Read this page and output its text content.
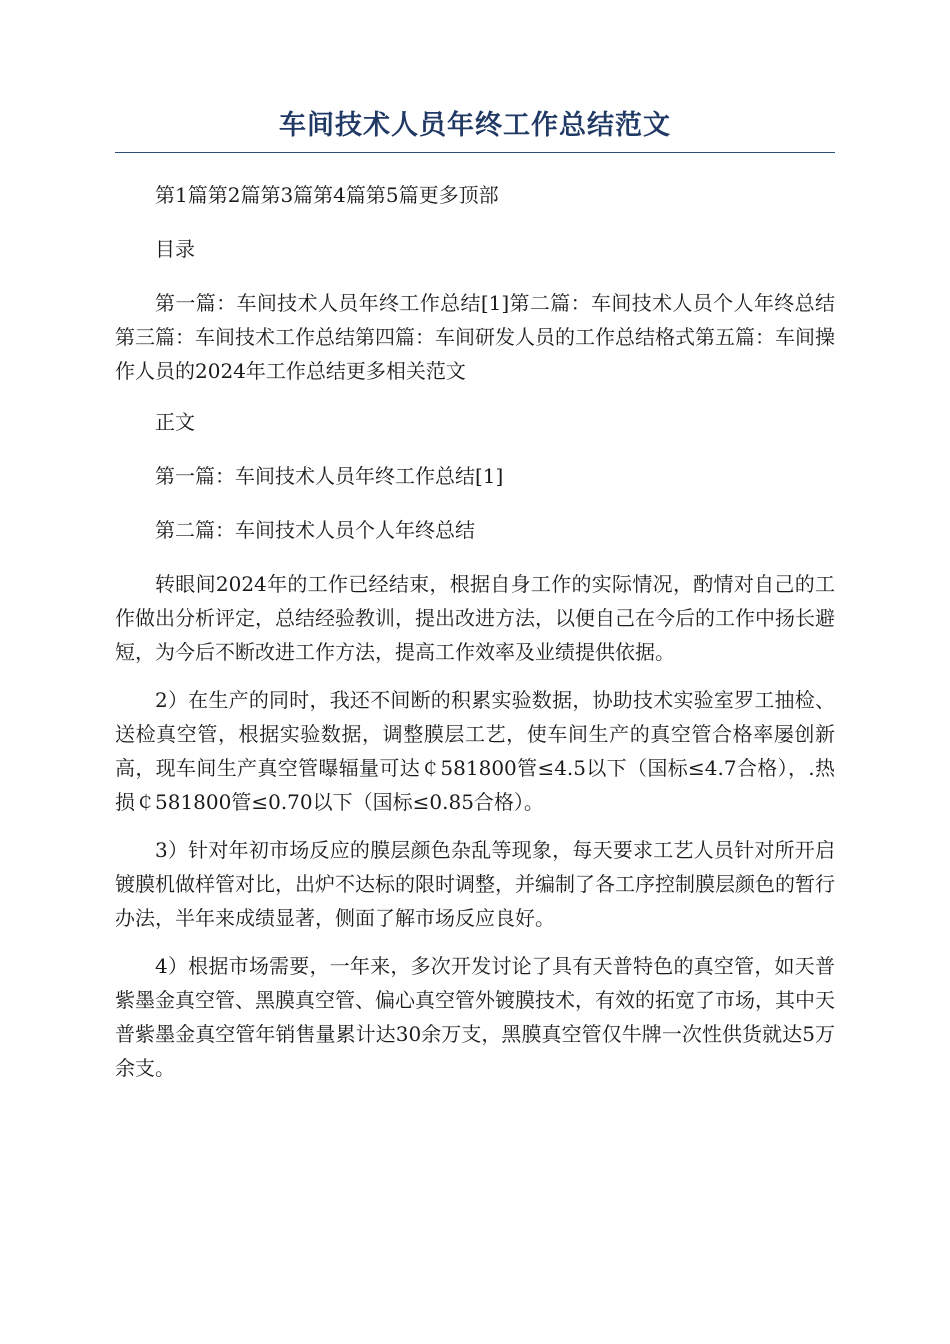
车间技术人员年终工作总结范文

第1篇第2篇第3篇第4篇第5篇更多顶部

目录

第一篇：车间技术人员年终工作总结[1]第二篇：车间技术人员个人年终总结第三篇：车间技术工作总结第四篇：车间研发人员的工作总结格式第五篇：车间操作人员的2024年工作总结更多相关范文

正文

第一篇：车间技术人员年终工作总结[1]

第二篇：车间技术人员个人年终总结

转眼间2024年的工作已经结束，根据自身工作的实际情况，酌情对自己的工作做出分析评定，总结经验教训，提出改进方法，以便自己在今后的工作中扬长避短，为今后不断改进工作方法，提高工作效率及业绩提供依据。

2）在生产的同时，我还不间断的积累实验数据，协助技术实验室罗工抽检、送检真空管，根据实验数据，调整膜层工艺，使车间生产的真空管合格率屡创新高，现车间生产真空管曝辐量可达￠581800管≤4.5以下（国标≤4.7合格），.热损￠581800管≤0.70以下（国标≤0.85合格）。

3）针对年初市场反应的膜层颜色杂乱等现象，每天要求工艺人员针对所开启镀膜机做样管对比，出炉不达标的限时调整，并编制了各工序控制膜层颜色的暂行办法，半年来成绩显著，侧面了解市场反应良好。

4）根据市场需要，一年来，多次开发讨论了具有天普特色的真空管，如天普紫墨金真空管、黑膜真空管、偏心真空管外镀膜技术，有效的拓宽了市场，其中天普紫墨金真空管年销售量累计达30余万支，黑膜真空管仅牛牌一次性供货就达5万余支。
